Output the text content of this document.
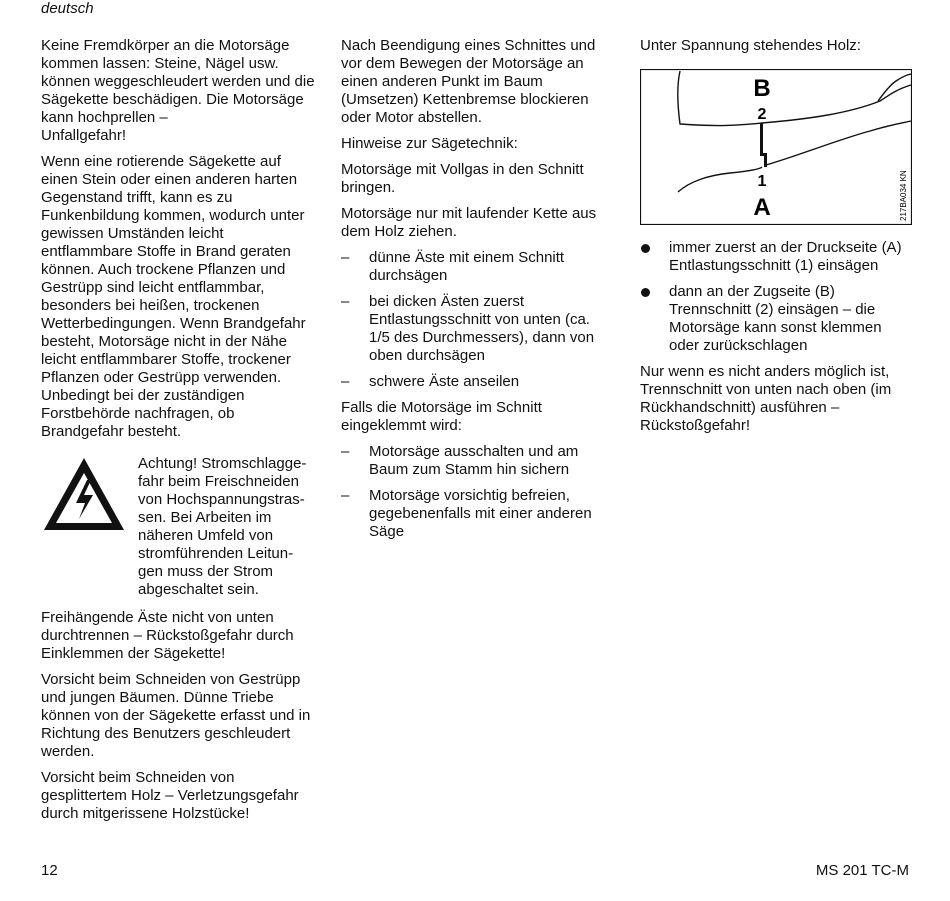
deutsch

Keine Fremdkörper an die Motorsäge kommen lassen: Steine, Nägel usw. können weggeschleudert werden und die Sägekette beschädigen. Die Motorsäge kann hochprellen –
Unfallgefahr!

Wenn eine rotierende Sägekette auf einen Stein oder einen anderen harten Gegenstand trifft, kann es zu Funkenbildung kommen, wodurch unter gewissen Umständen leicht entflammbare Stoffe in Brand geraten können. Auch trockene Pflanzen und Gestrüpp sind leicht entflammbar, besonders bei heißen, trockenen Wetterbedingungen. Wenn Brandgefahr besteht, Motorsäge nicht in der Nähe leicht entflammbarer Stoffe, trockener Pflanzen oder Gestrüpp verwenden. Unbedingt bei der zuständigen Forstbehörde nachfragen, ob Brandgefahr besteht.

Achtung! Stromschlagge-fahr beim Freischneiden von Hochspannungstras-sen. Bei Arbeiten im näheren Umfeld von stromführenden Leitun-gen muss der Strom abgeschaltet sein.

Freihängende Äste nicht von unten durchtrennen – Rückstoßgefahr durch Einklemmen der Sägekette!

Vorsicht beim Schneiden von Gestrüpp und jungen Bäumen. Dünne Triebe können von der Sägekette erfasst und in Richtung des Benutzers geschleudert werden.

Vorsicht beim Schneiden von gesplittertem Holz – Verletzungsgefahr durch mitgerissene Holzstücke!

Nach Beendigung eines Schnittes und vor dem Bewegen der Motorsäge an einen anderen Punkt im Baum (Umsetzen) Kettenbremse blockieren oder Motor abstellen.

Hinweise zur Sägetechnik:

Motorsäge mit Vollgas in den Schnitt bringen.

Motorsäge nur mit laufender Kette aus dem Holz ziehen.

– dünne Äste mit einem Schnitt durchsägen
– bei dicken Ästen zuerst Entlastungsschnitt von unten (ca. 1/5 des Durchmessers), dann von oben durchsägen
– schwere Äste anseilen

Falls die Motorsäge im Schnitt eingeklemmt wird:

– Motorsäge ausschalten und am Baum zum Stamm hin sichern
– Motorsäge vorsichtig befreien, gegebenenfalls mit einer anderen Säge

Unter Spannung stehendes Holz:

B
2
1
A	217BA034 KN
immer zuerst an der Druckseite (A) Entlastungsschnitt (1) einsägen
dann an der Zugseite (B) Trennschnitt (2) einsägen – die Motorsäge kann sonst klemmen oder zurückschlagen

Nur wenn es nicht anders möglich ist, Trennschnitt von unten nach oben (im Rückhandschnitt) ausführen – Rückstoßgefahr!

12	MS 201 TC-M
